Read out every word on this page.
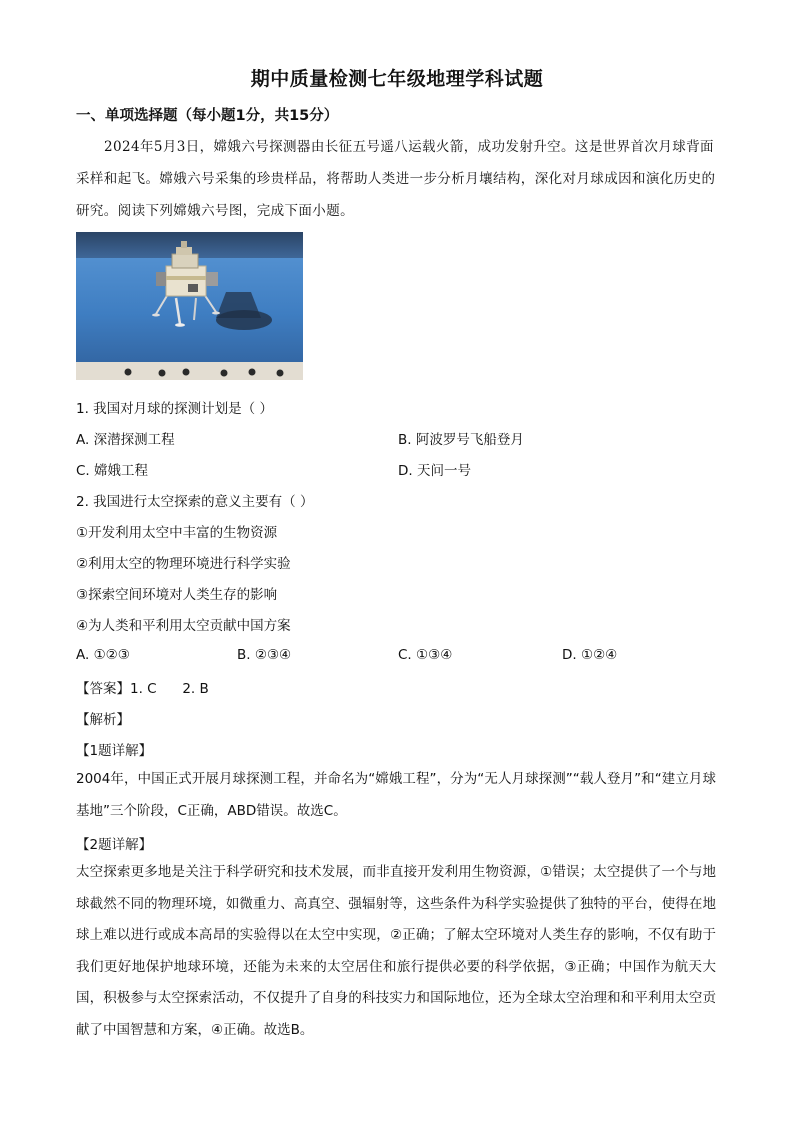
期中质量检测七年级地理学科试题
一、单项选择题（每小题1分，共15分）
2024年5月3日，嫦娥六号探测器由长征五号遥八运载火箭，成功发射升空。这是世界首次月球背面采样和起飞。嫦娥六号采集的珍贵样品，将帮助人类进一步分析月壤结构，深化对月球成因和演化历史的研究。阅读下列嫦娥六号图，完成下面小题。
1. 我国对月球的探测计划是（ ）
A. 深潜探测工程	B. 阿波罗号飞船登月
C. 嫦娥工程	D. 天问一号
2. 我国进行太空探索的意义主要有（ ）
①开发利用太空中丰富的生物资源
②利用太空的物理环境进行科学实验
③探索空间环境对人类生存的影响
④为人类和平利用太空贡献中国方案
A. ①②③	B. ②③④	C. ①③④	D. ①②④
【答案】1. C      2. B
【解析】
【1题详解】
2004年，中国正式开展月球探测工程，并命名为“嫦娥工程”，分为“无人月球探测”“载人登月”和“建立月球基地”三个阶段，C正确，ABD错误。故选C。
【2题详解】
太空探索更多地是关注于科学研究和技术发展，而非直接开发利用生物资源，①错误；太空提供了一个与地球截然不同的物理环境，如微重力、高真空、强辐射等，这些条件为科学实验提供了独特的平台，使得在地球上难以进行或成本高昂的实验得以在太空中实现，②正确；了解太空环境对人类生存的影响，不仅有助于我们更好地保护地球环境，还能为未来的太空居住和旅行提供必要的科学依据，③正确；中国作为航天大国，积极参与太空探索活动，不仅提升了自身的科技实力和国际地位，还为全球太空治理和和平利用太空贡献了中国智慧和方案，④正确。故选B。
